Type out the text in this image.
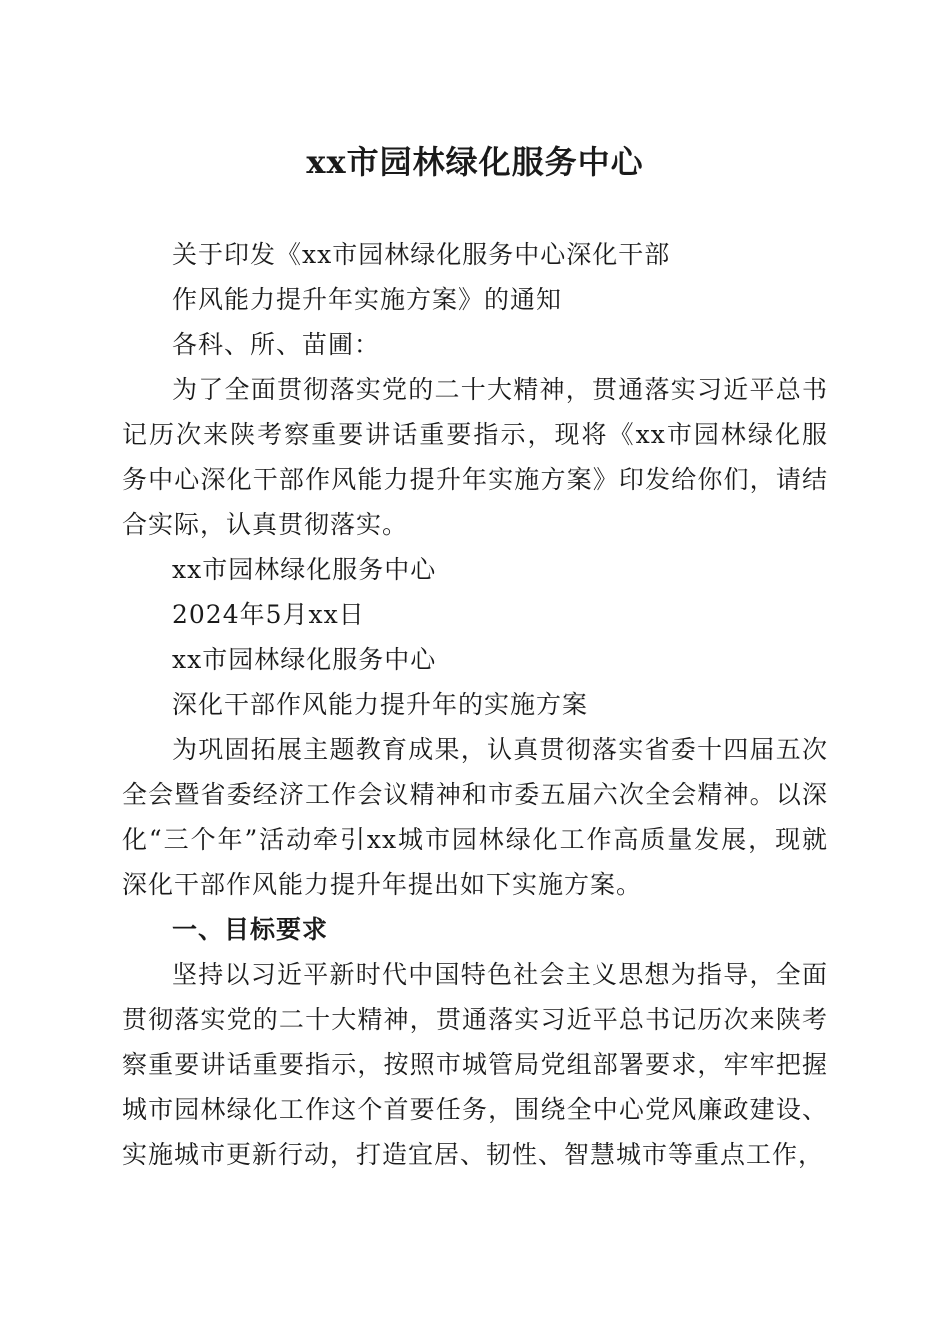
xx市园林绿化服务中心

关于印发《xx市园林绿化服务中心深化干部

作风能力提升年实施方案》的通知

各科、所、苗圃：

为了全面贯彻落实党的二十大精神，贯通落实习近平总书记历次来陕考察重要讲话重要指示，现将《xx市园林绿化服务中心深化干部作风能力提升年实施方案》印发给你们，请结合实际，认真贯彻落实。

xx市园林绿化服务中心

2024年5月xx日

xx市园林绿化服务中心

深化干部作风能力提升年的实施方案

为巩固拓展主题教育成果，认真贯彻落实省委十四届五次全会暨省委经济工作会议精神和市委五届六次全会精神。以深化“三个年”活动牵引xx城市园林绿化工作高质量发展，现就深化干部作风能力提升年提出如下实施方案。

一、目标要求

坚持以习近平新时代中国特色社会主义思想为指导，全面贯彻落实党的二十大精神，贯通落实习近平总书记历次来陕考察重要讲话重要指示，按照市城管局党组部署要求，牢牢把握城市园林绿化工作这个首要任务，围绕全中心党风廉政建设、实施城市更新行动，打造宜居、韧性、智慧城市等重点工作，
